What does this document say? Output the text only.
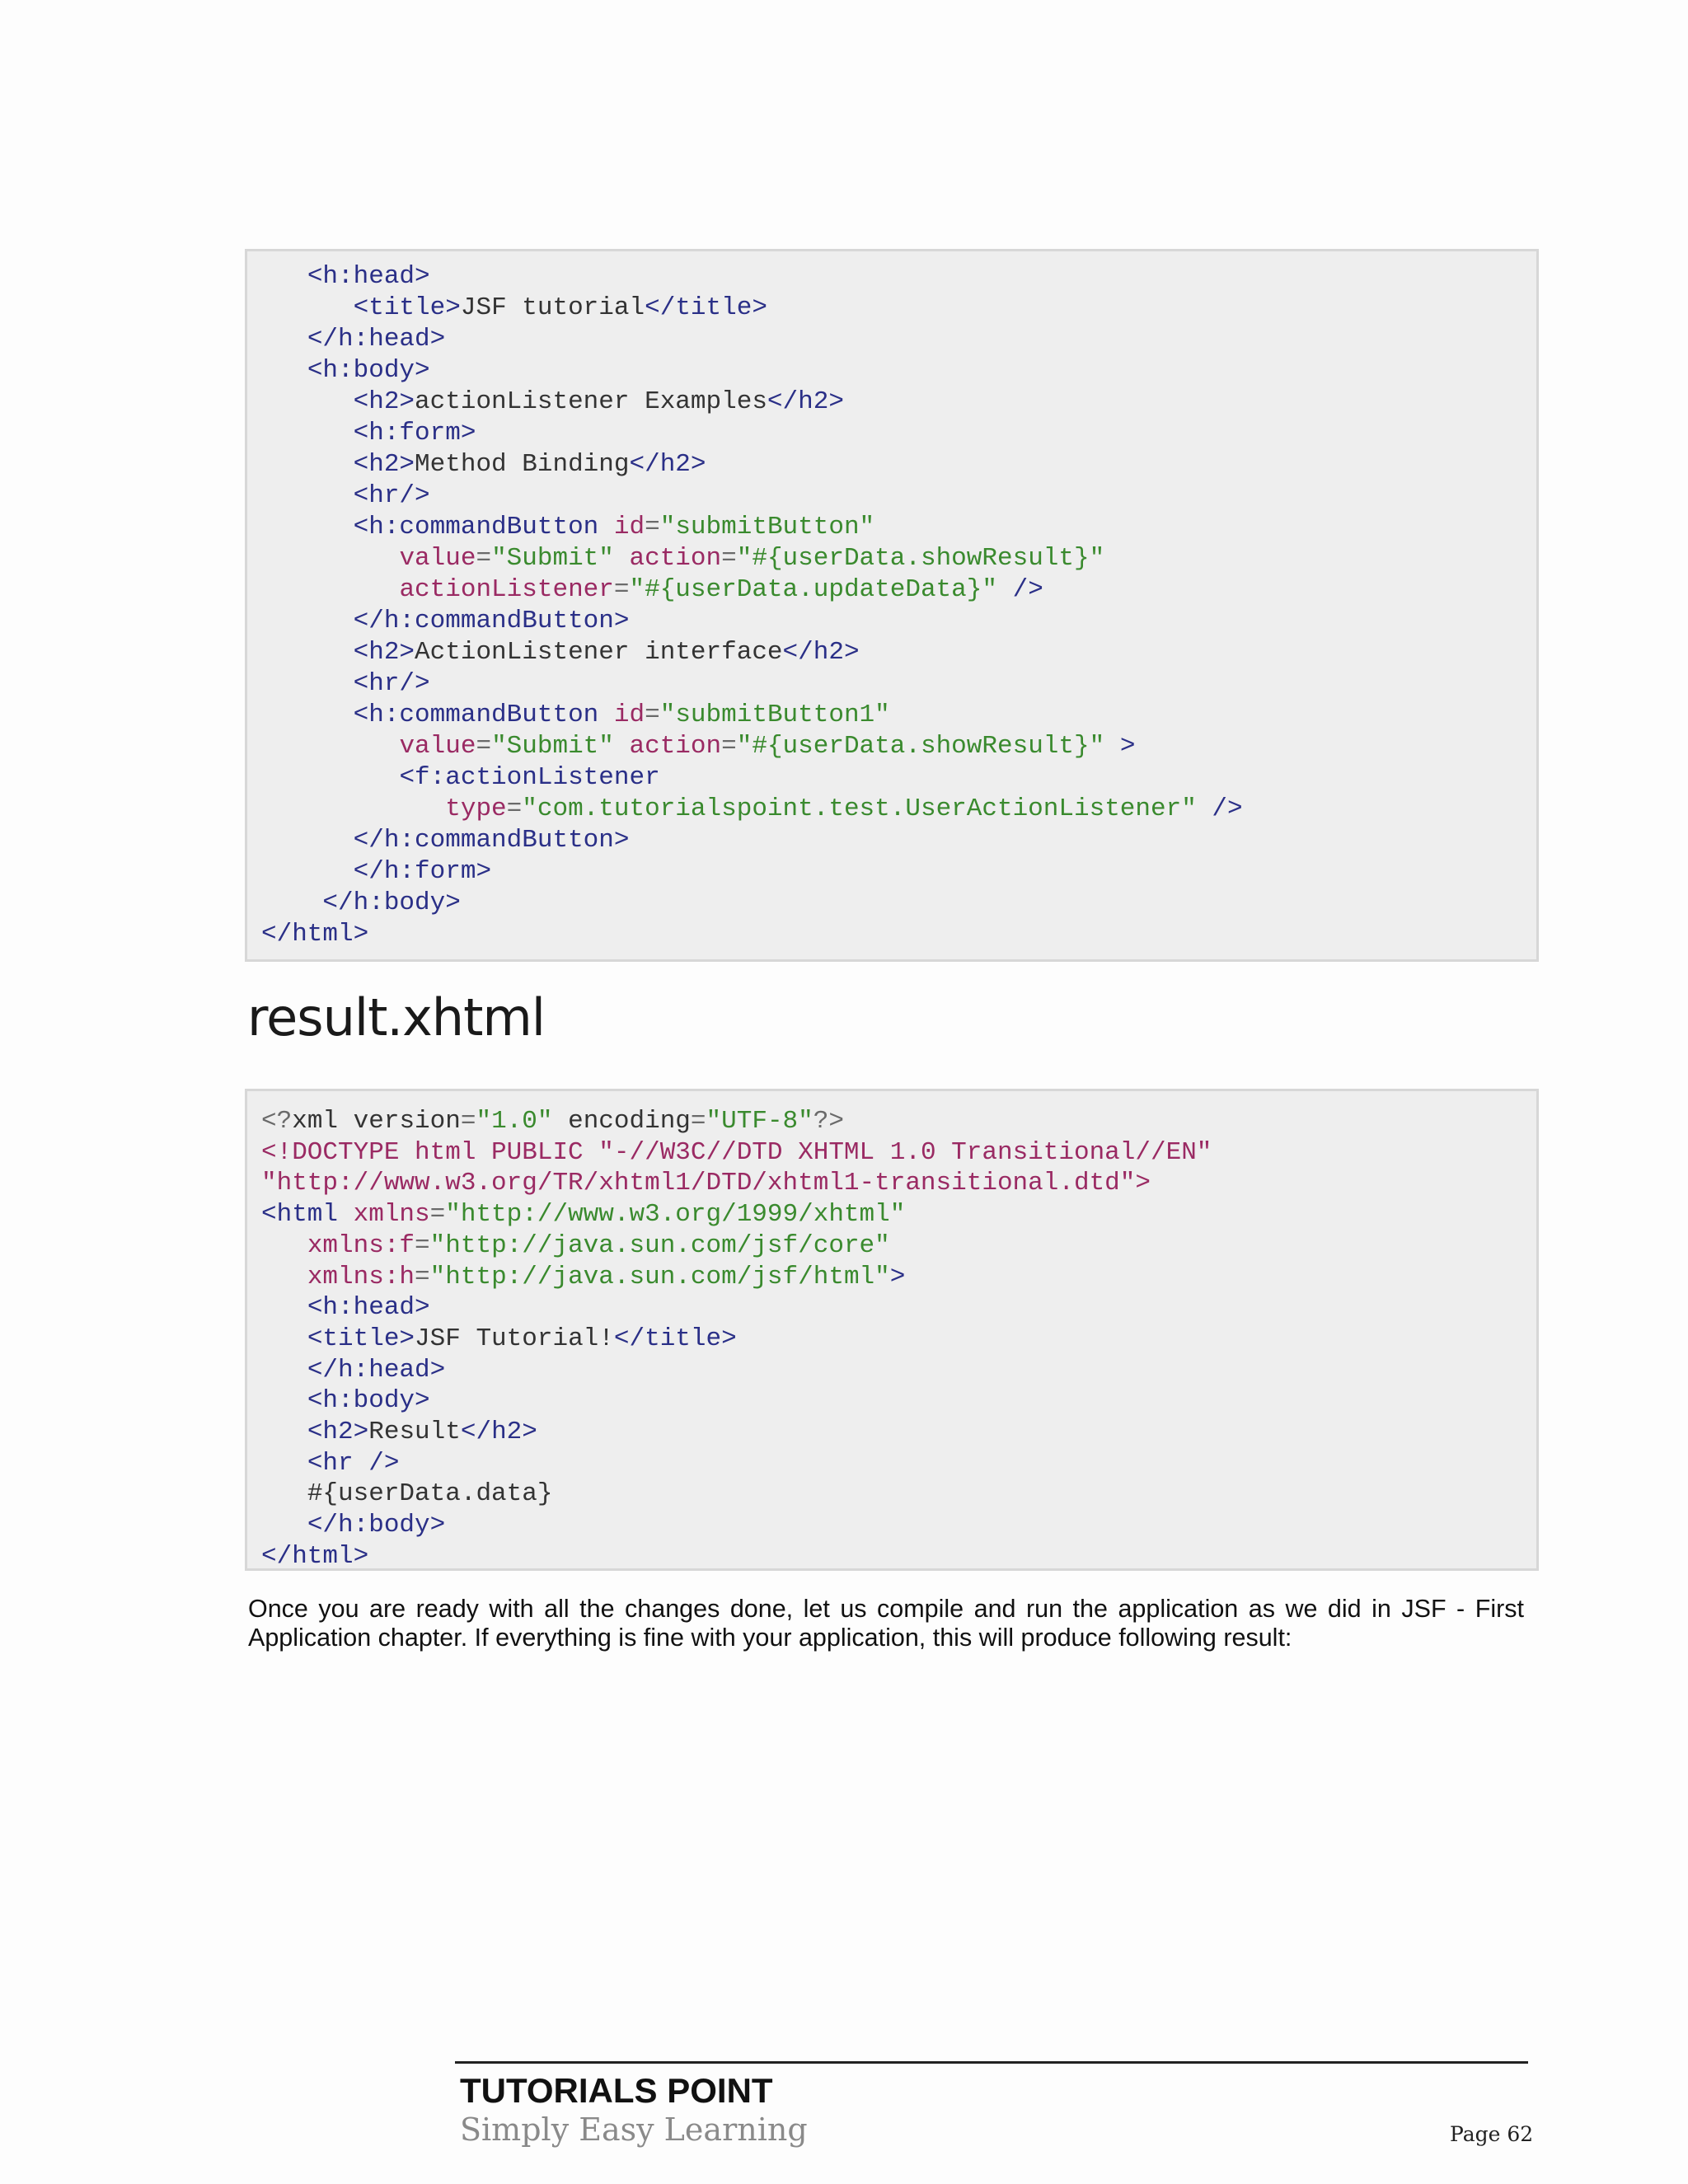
<h:head>
<title>JSF tutorial</title>
</h:head>
<h:body>
<h2>actionListener Examples</h2>
<h:form>
<h2>Method Binding</h2>
<hr/>
<h:commandButton id="submitButton"
value="Submit" action="#{userData.showResult}"
actionListener="#{userData.updateData}" />
</h:commandButton>
<h2>ActionListener interface</h2>
<hr/>
<h:commandButton id="submitButton1"
value="Submit" action="#{userData.showResult}" >
<f:actionListener
type="com.tutorialspoint.test.UserActionListener" />
</h:commandButton>
</h:form>
</h:body>
</html>
result.xhtml
<?xml version="1.0" encoding="UTF-8"?>
<!DOCTYPE html PUBLIC "-//W3C//DTD XHTML 1.0 Transitional//EN"
"http://www.w3.org/TR/xhtml1/DTD/xhtml1-transitional.dtd">
<html xmlns="http://www.w3.org/1999/xhtml"
xmlns:f="http://java.sun.com/jsf/core"
xmlns:h="http://java.sun.com/jsf/html">
<h:head>
<title>JSF Tutorial!</title>
</h:head>
<h:body>
<h2>Result</h2>
<hr />
#{userData.data}
</h:body>
</html>

Once you are ready with all the changes done, let us compile and run the application as we did in JSF - First Application chapter. If everything is fine with your application, this will produce following result:

TUTORIALS POINT

Simply Easy Learning	Page 62
